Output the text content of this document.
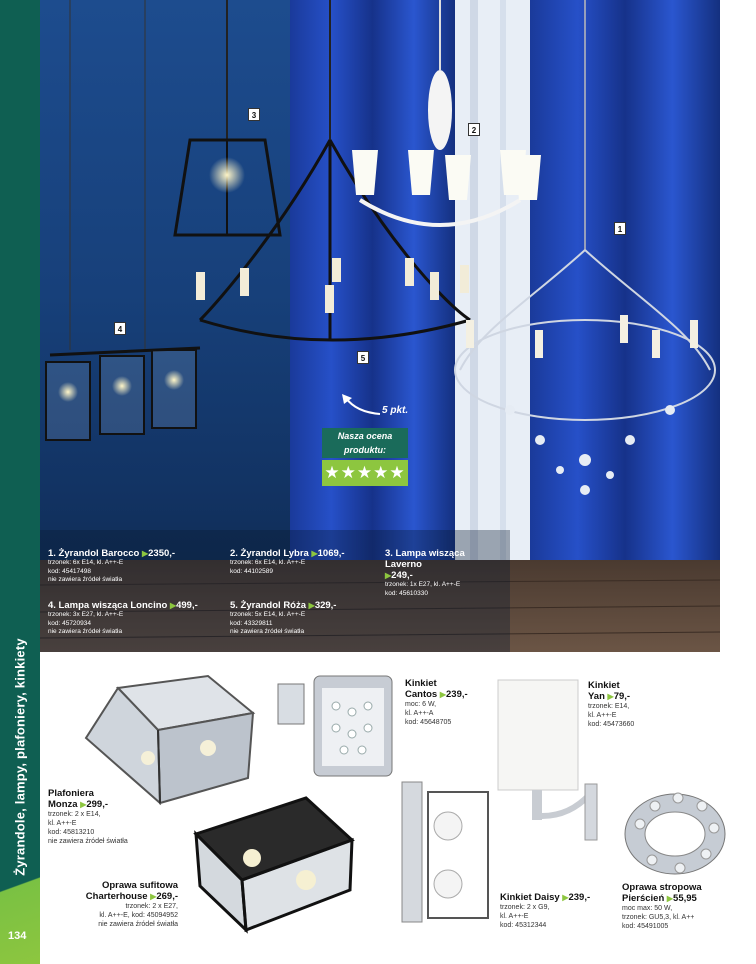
Żyrandole, lampy, plafoniery, kinkiety
134
3
2
1
4
5
5 pkt.
Nasza ocena
produktu:
★★★★★
1. Żyrandol Barocco ▶2350,-
trzonek: 6x E14, kl. A++-E
kod: 45417498
nie zawiera źródeł światła
2. Żyrandol Lybra ▶1069,-
trzonek: 6x E14, kl. A++-E
kod: 44102589
3. Lampa wisząca Laverno
▶249,-
trzonek: 1x E27, kl. A++-E
kod: 45610330
4. Lampa wisząca Loncino ▶499,-
trzonek: 3x E27, kl. A++-E
kod: 45720934
nie zawiera źródeł światła
5. Żyrandol Róża ▶329,-
trzonek: 5x E14, kl. A++-E
kod: 43329811
nie zawiera źródeł światła
Kinkiet
Cantos ▶239,-
moc: 6 W,
kl. A++-A
kod: 45648705
Kinkiet
Yan ▶79,-
trzonek: E14,
kl. A++-E
kod: 45473660
Plafoniera
Monza ▶299,-
trzonek: 2 x E14,
kl. A++-E
kod: 45813210
nie zawiera źródeł światła
Oprawa sufitowa
Charterhouse ▶269,-
trzonek: 2 x E27,
kl. A++-E, kod: 45094952
nie zawiera źródeł światła
Kinkiet Daisy ▶239,-
trzonek: 2 x G9,
kl. A++-E
kod: 45312344
Oprawa stropowa
Pierścień ▶55,95
moc max: 50 W,
trzonek: GU5,3, kl. A++
kod: 45491005
